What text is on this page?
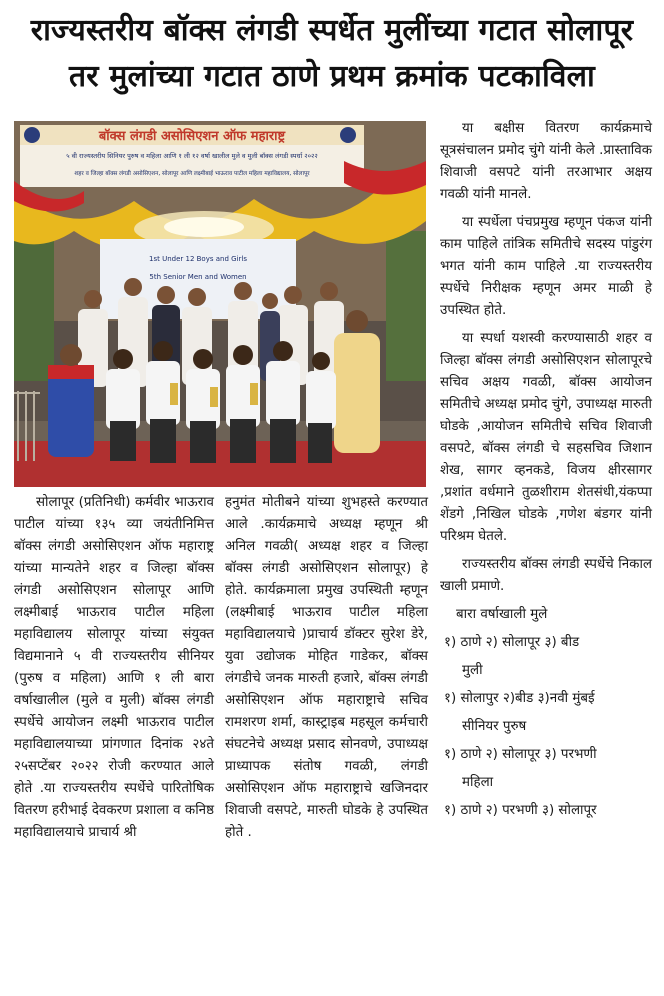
राज्यस्तरीय बॉक्स लंगडी स्पर्धेत मुलींच्या गटात सोलापूर
तर मुलांच्या गटात ठाणे प्रथम क्रमांक पटकाविला
बॉक्स लंगडी असोसिएशन ऑफ महाराष्ट्र
५ वी राज्यस्तरीय सिनियर पुरुष व महिला आणि १ ली १२ वर्षा खालील मुले व मुली बॉक्स लंगडी स्पर्धा २०२२
शहर व जिल्हा बॉक्स लंगडी असोसिएशन, सोलापूर आणि लक्ष्मीबाई भाऊराव पाटील महिला महाविद्यालय, सोलापूर
1st Under 12 Boys and Girls
5th Senior Men and Women

या बक्षीस वितरण कार्यक्रमाचे सूत्रसंचालन प्रमोद चुंगे यांनी केले .प्रास्ताविक शिवाजी वसपटे यांनी तरआभार अक्षय गवळी यांनी मानले.

या स्पर्धेला पंचप्रमुख म्हणून पंकज यांनी काम पाहिले तांत्रिक समितीचे सदस्य पांडुरंग भगत यांनी काम पाहिले .या राज्यस्तरीय स्पर्धेचे निरीक्षक म्हणून अमर माळी हे उपस्थित होते.

या स्पर्धा यशस्वी करण्यासाठी शहर व जिल्हा बॉक्स लंगडी असोसिएशन सोलापूरचे सचिव अक्षय गवळी, बॉक्स आयोजन समितीचे अध्यक्ष प्रमोद चुंगे, उपाध्यक्ष मारुती घोडके ,आयोजन समितीचे सचिव शिवाजी वसपटे, बॉक्स लंगडी चे सहसचिव जिशान शेख, सागर व्हनकडे, विजय क्षीरसागर ,प्रशांत वर्धमाने तुळशीराम शेतसंधी,यंकप्पा शेंडगे ,निखिल घोडके ,गणेश बंडगर यांनी परिश्रम घेतले.

राज्यस्तरीय बॉक्स लंगडी स्पर्धेचे निकाल खाली प्रमाणे.

बारा वर्षाखाली मुले

१) ठाणे २) सोलापूर ३) बीड

मुली

१) सोलापुर २)बीड ३)नवी मुंबई

सीनियर पुरुष

१) ठाणे २) सोलापूर ३) परभणी

महिला

१) ठाणे २) परभणी ३) सोलापूर

सोलापूर (प्रतिनिधी) कर्मवीर भाऊराव पाटील यांच्या १३५ व्या जयंतीनिमित्त बॉक्स लंगडी असोसिएशन ऑफ महाराष्ट्र यांच्या मान्यतेने शहर व जिल्हा बॉक्स लंगडी असोसिएशन सोलापूर आणि लक्ष्मीबाई भाऊराव पाटील महिला महाविद्यालय सोलापूर यांच्या संयुक्त विद्यमानाने ५ वी राज्यस्तरीय सीनियर (पुरुष व महिला) आणि १ ली बारा वर्षाखालील (मुले व मुली) बॉक्स लंगडी स्पर्धेचे आयोजन लक्ष्मी भाऊराव पाटील महाविद्यालयाच्या प्रांगणात दिनांक २४ते २५सप्टेंबर २०२२ रोजी करण्यात आले होते .या राज्यस्तरीय स्पर्धेचे पारितोषिक वितरण हरीभाई देवकरण प्रशाला व कनिष्ठ महाविद्यालयाचे प्राचार्य श्री

हनुमंत मोतीबने यांच्या शुभहस्ते करण्यात आले .कार्यक्रमाचे अध्यक्ष म्हणून श्री अनिल गवळी( अध्यक्ष शहर व जिल्हा बॉक्स लंगडी असोसिएशन सोलापूर) हे होते. कार्यक्रमाला प्रमुख उपस्थिती म्हणून (लक्ष्मीबाई भाऊराव पाटील महिला महाविद्यालयाचे )प्राचार्य डॉक्टर सुरेश डेरे, युवा उद्योजक मोहित गाडेकर, बॉक्स लंगडीचे जनक मारुती हजारे, बॉक्स लंगडी असोसिएशन ऑफ महाराष्ट्राचे सचिव रामशरण शर्मा, कास्ट्राइब महसूल कर्मचारी संघटनेचे अध्यक्ष प्रसाद सोनवणे, उपाध्यक्ष प्राध्यापक संतोष गवळी, लंगडी असोसिएशन ऑफ महाराष्ट्राचे खजिनदार शिवाजी वसपटे, मारुती घोडके हे उपस्थित होते .
